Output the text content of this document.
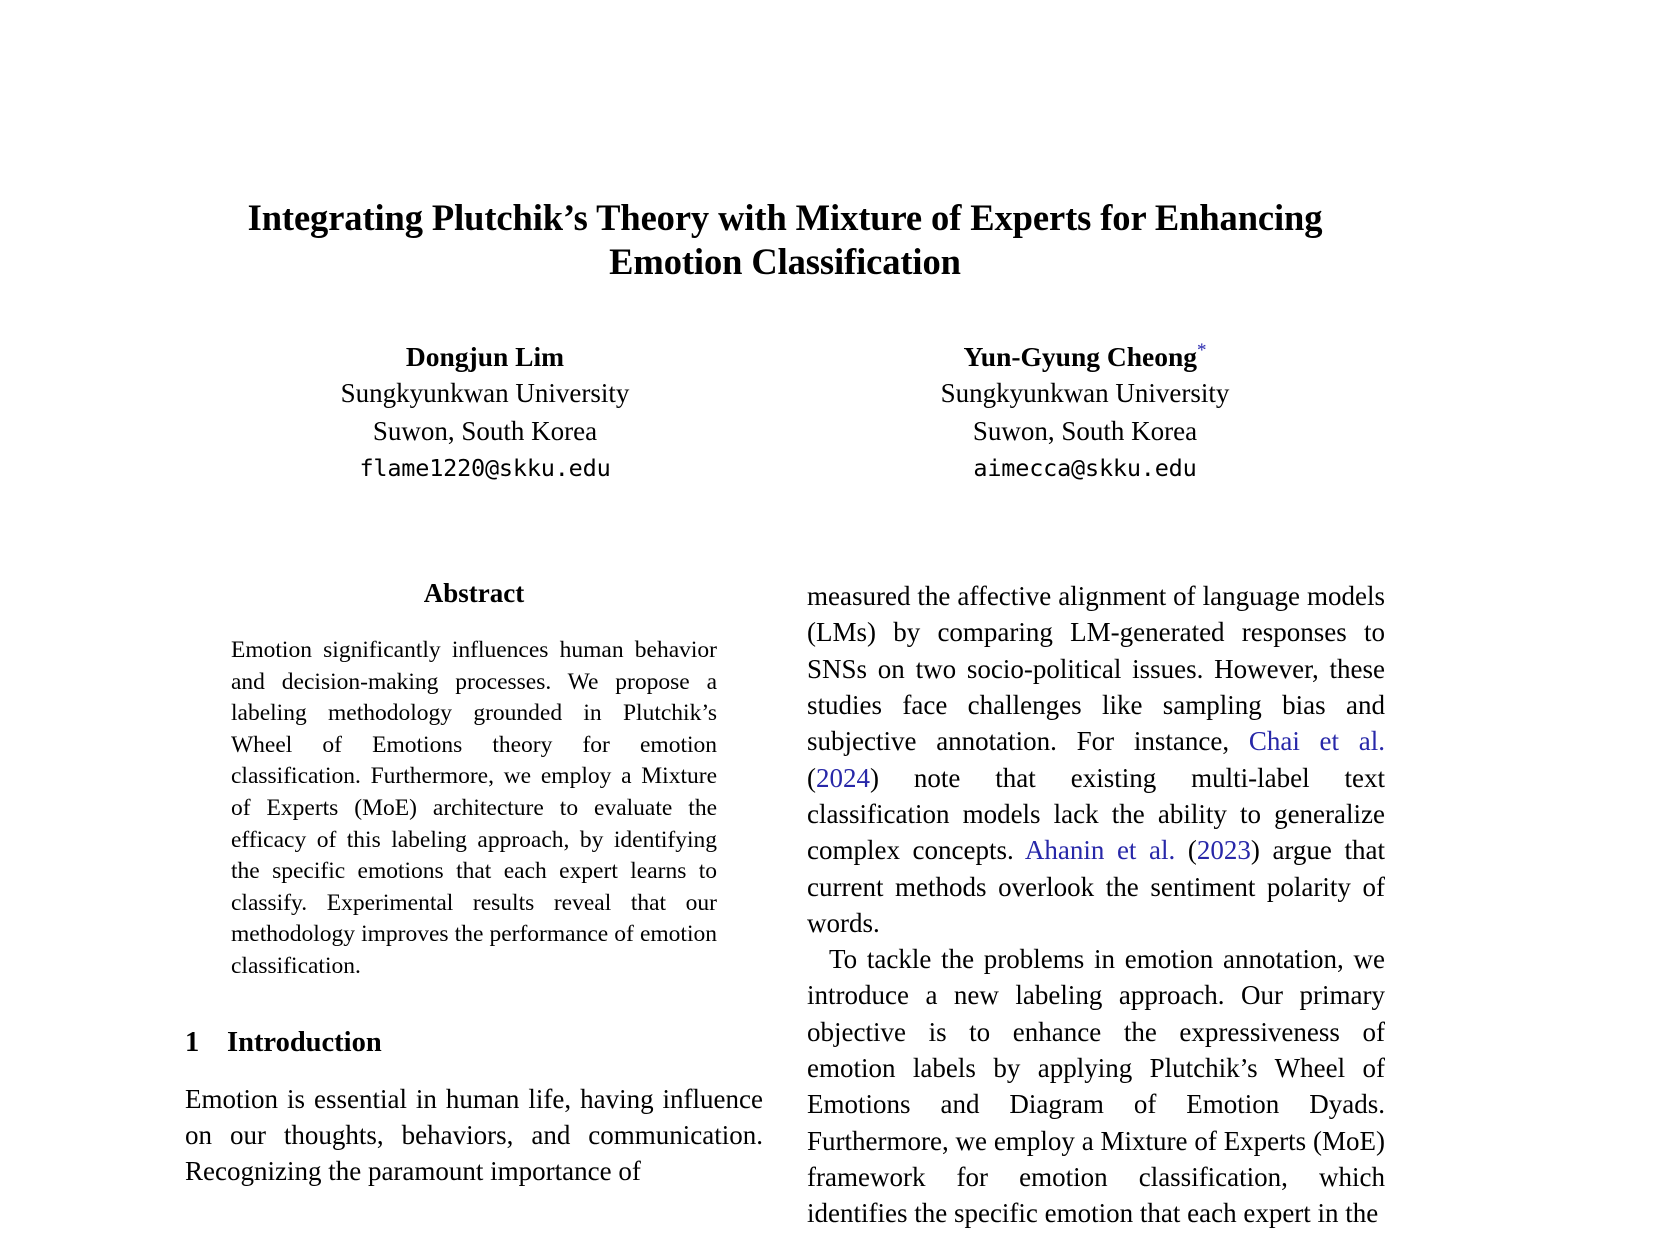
Integrating Plutchik’s Theory with Mixture of Experts for Enhancing Emotion Classification
Dongjun Lim
Sungkyunkwan University
Suwon, South Korea
flame1220@skku.edu
Yun-Gyung Cheong*
Sungkyunkwan University
Suwon, South Korea
aimecca@skku.edu
Abstract

Emotion significantly influences human behavior and decision-making processes. We propose a labeling methodology grounded in Plutchik’s Wheel of Emotions theory for emotion classification. Furthermore, we employ a Mixture of Experts (MoE) architecture to evaluate the efficacy of this labeling approach, by identifying the specific emotions that each expert learns to classify. Experimental results reveal that our methodology improves the performance of emotion classification.

1 Introduction

Emotion is essential in human life, having influence on our thoughts, behaviors, and communication. Recognizing the paramount importance of

measured the affective alignment of language models (LMs) by comparing LM-generated responses to SNSs on two socio-political issues. However, these studies face challenges like sampling bias and subjective annotation. For instance, Chai et al. (2024) note that existing multi-label text classification models lack the ability to generalize complex concepts. Ahanin et al. (2023) argue that current methods overlook the sentiment polarity of words.

To tackle the problems in emotion annotation, we introduce a new labeling approach. Our primary objective is to enhance the expressiveness of emotion labels by applying Plutchik’s Wheel of Emotions and Diagram of Emotion Dyads. Furthermore, we employ a Mixture of Experts (MoE) framework for emotion classification, which identifies the specific emotion that each expert in the
